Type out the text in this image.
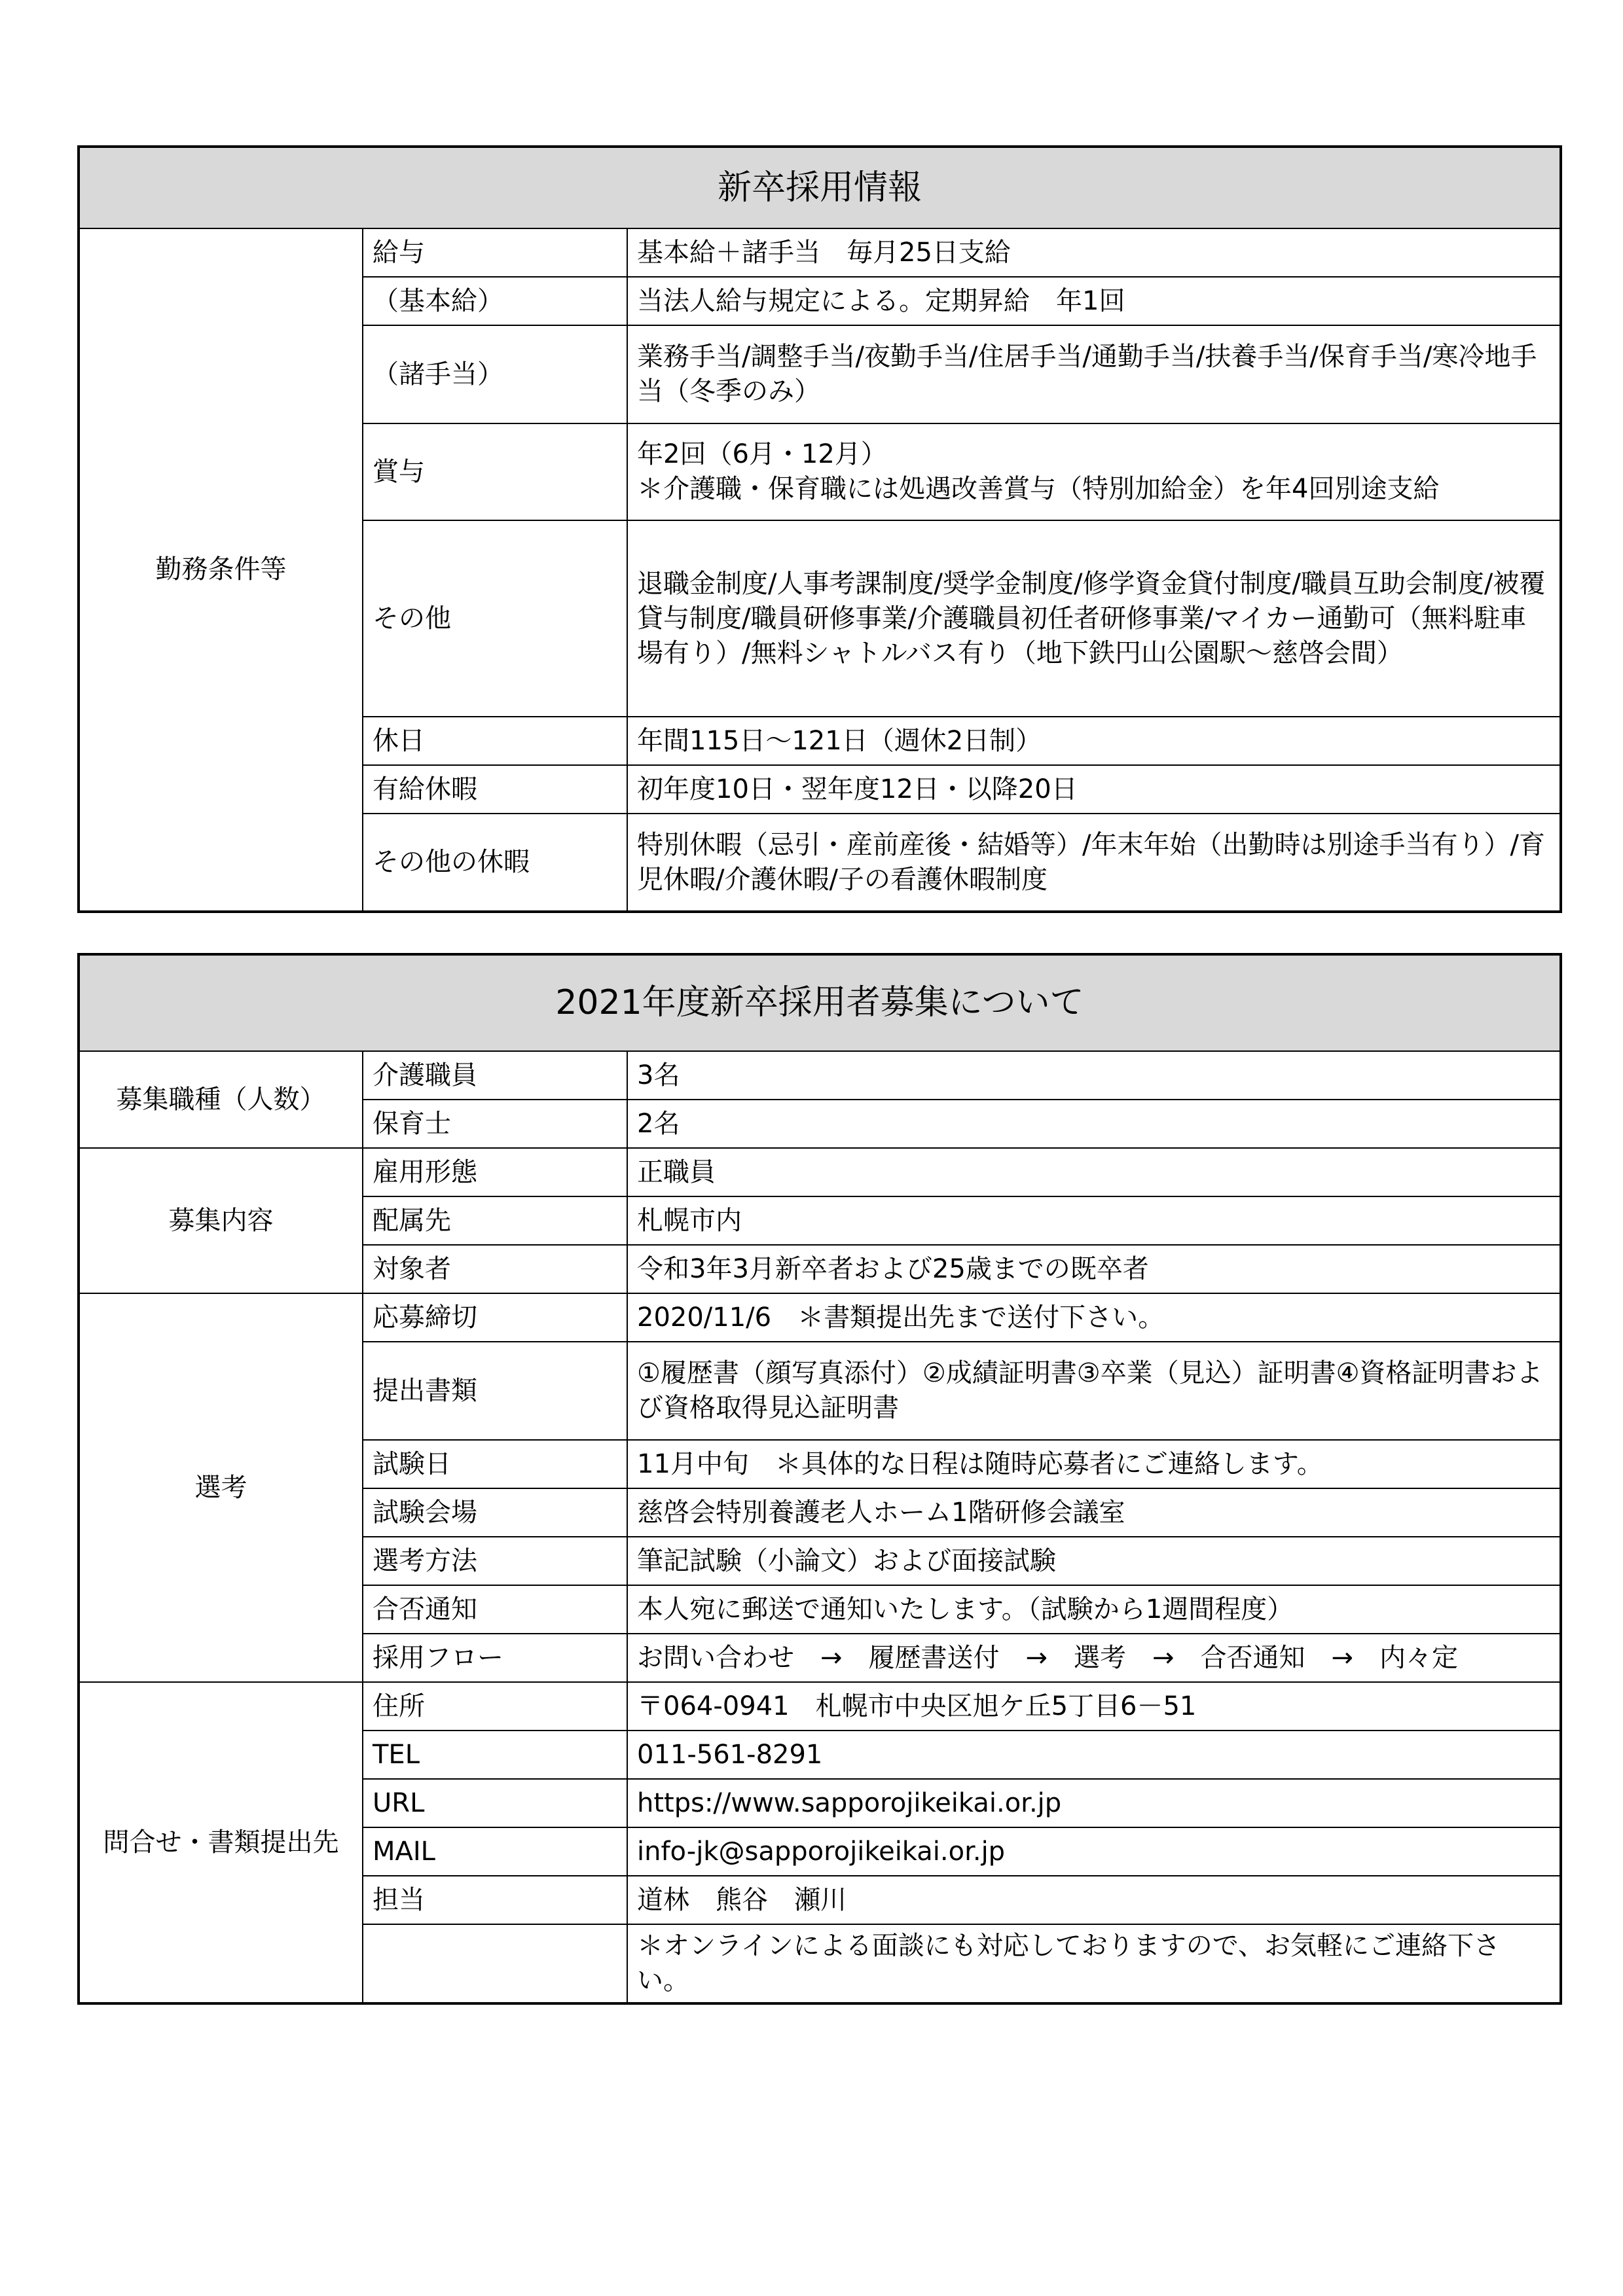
新卒採用情報		
勤務条件等	給与	基本給＋諸手当　毎月25日支給
	（基本給）	当法人給与規定による。定期昇給　年1回
	（諸手当）	業務手当/調整手当/夜勤手当/住居手当/通勤手当/扶養手当/保育手当/寒冷地手当（冬季のみ）
	賞与	年2回（6月・12月）
＊介護職・保育職には処遇改善賞与（特別加給金）を年4回別途支給

	その他	退職金制度/人事考課制度/奨学金制度/修学資金貸付制度/職員互助会制度/被覆貸与制度/職員研修事業/介護職員初任者研修事業/マイカー通勤可（無料駐車場有り）/無料シャトルバス有り（地下鉄円山公園駅～慈啓会間）
	休日	年間115日～121日（週休2日制）
	有給休暇	初年度10日・翌年度12日・以降20日
	その他の休暇	特別休暇（忌引・産前産後・結婚等）/年末年始（出勤時は別途手当有り）/育児休暇/介護休暇/子の看護休暇制度
2021年度新卒採用者募集について		
募集職種（人数）	介護職員	3名
	保育士	2名
募集内容	雇用形態	正職員
	配属先	札幌市内
	対象者	令和3年3月新卒者および25歳までの既卒者
選考	応募締切	2020/11/6　＊書類提出先まで送付下さい。
	提出書類	①履歴書（顔写真添付）②成績証明書③卒業（見込）証明書④資格証明書および資格取得見込証明書
	試験日	11月中旬　＊具体的な日程は随時応募者にご連絡します。
	試験会場	慈啓会特別養護老人ホーム1階研修会議室
	選考方法	筆記試験（小論文）および面接試験
	合否通知	本人宛に郵送で通知いたします。（試験から1週間程度）
	採用フロー	お問い合わせ　→　履歴書送付　→　選考　→　合否通知　→　内々定
問合せ・書類提出先	住所	〒064-0941　札幌市中央区旭ケ丘5丁目6－51
	TEL	011-561-8291
	URL	https://www.sapporojikeikai.or.jp
	MAIL	info-jk@sapporojikeikai.or.jp
	担当	道林　熊谷　瀬川
		＊オンラインによる面談にも対応しておりますので、お気軽にご連絡下さい。
